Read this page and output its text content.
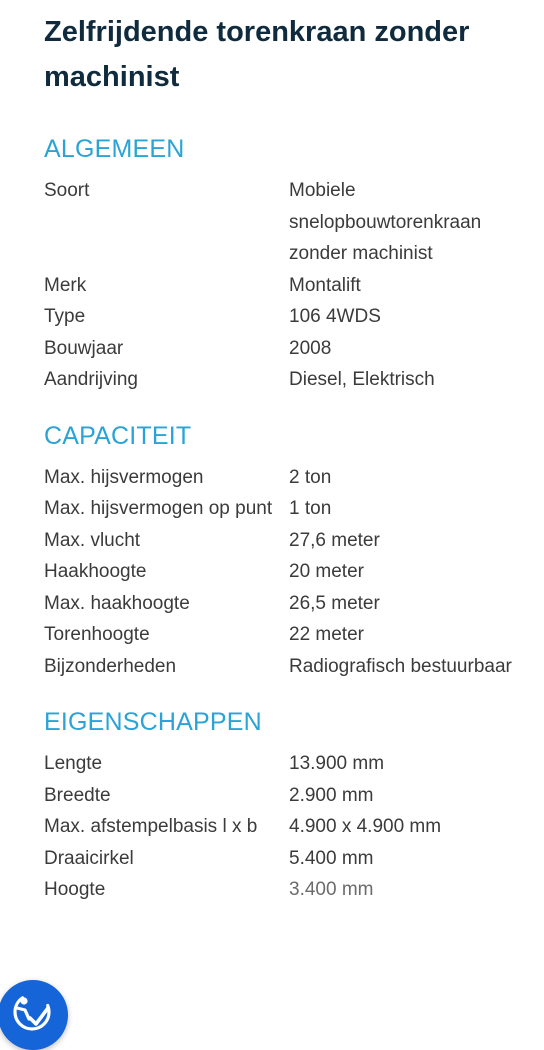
Zelfrijdende torenkraan zonder machinist
ALGEMEEN
Soort	Mobiele snelopbouwtorenkraan zonder machinist
Merk	Montalift
Type	106 4WDS
Bouwjaar	2008
Aandrijving	Diesel, Elektrisch
CAPACITEIT
Max. hijsvermogen	2 ton
Max. hijsvermogen op punt 1 ton
Max. vlucht	27,6 meter
Haakhoogte	20 meter
Max. haakhoogte	26,5 meter
Torenhoogte	22 meter
Bijzonderheden	Radiografisch bestuurbaar
EIGENSCHAPPEN
Lengte	13.900 mm
Breedte	2.900 mm
Max. afstempelbasis l x b	4.900 x 4.900 mm
Draaicirkel	5.400 mm
Hoogte	3.400 mm
